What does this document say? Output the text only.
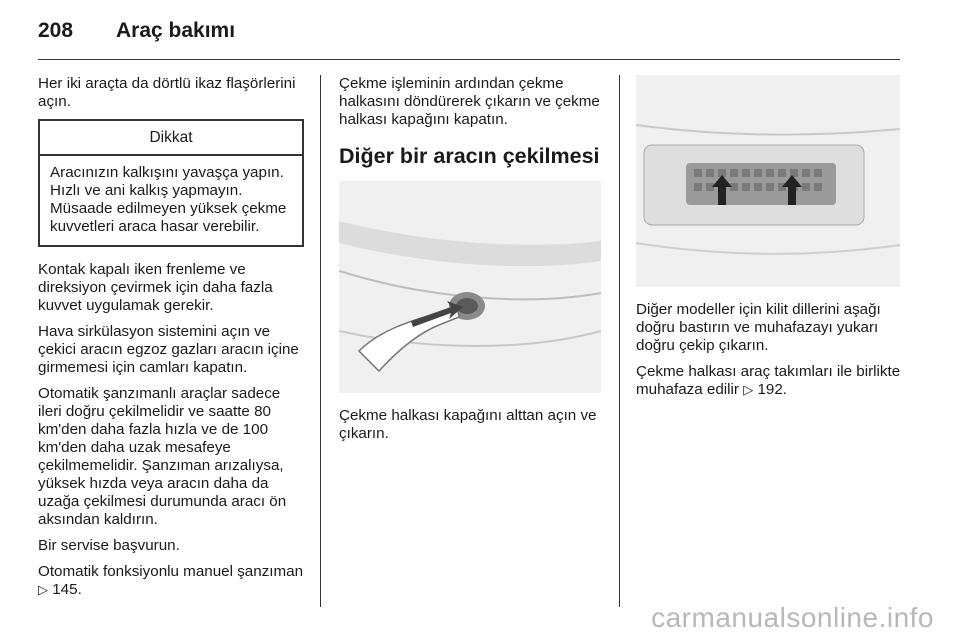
208	Araç bakımı

Her iki araçta da dörtlü ikaz flaşörlerini açın.

Dikkat
Aracınızın kalkışını yavaşça yapın. Hızlı ve ani kalkış yapmayın. Müsaade edilmeyen yüksek çekme kuvvetleri araca hasar verebilir.

Kontak kapalı iken frenleme ve direksiyon çevirmek için daha fazla kuvvet uygulamak gerekir.

Hava sirkülasyon sistemini açın ve çekici aracın egzoz gazları aracın içine girmemesi için camları kapatın.

Otomatik şanzımanlı araçlar sadece ileri doğru çekilmelidir ve saatte 80 km'den daha fazla hızla ve de 100 km'den daha uzak mesafeye çekilmemelidir. Şanzıman arızalıysa, yüksek hızda veya aracın daha da uzağa çekilmesi durumunda aracı ön aksından kaldırın.

Bir servise başvurun.

Otomatik fonksiyonlu manuel şanzıman ▷ 145.

Çekme işleminin ardından çekme halkasını döndürerek çıkarın ve çekme halkası kapağını kapatın.

Diğer bir aracın çekilmesi

Çekme halkası kapağını alttan açın ve çıkarın.

Diğer modeller için kilit dillerini aşağı doğru bastırın ve muhafazayı yukarı doğru çekip çıkarın.

Çekme halkası araç takımları ile birlikte muhafaza edilir ▷ 192.

carmanualsonline.info
